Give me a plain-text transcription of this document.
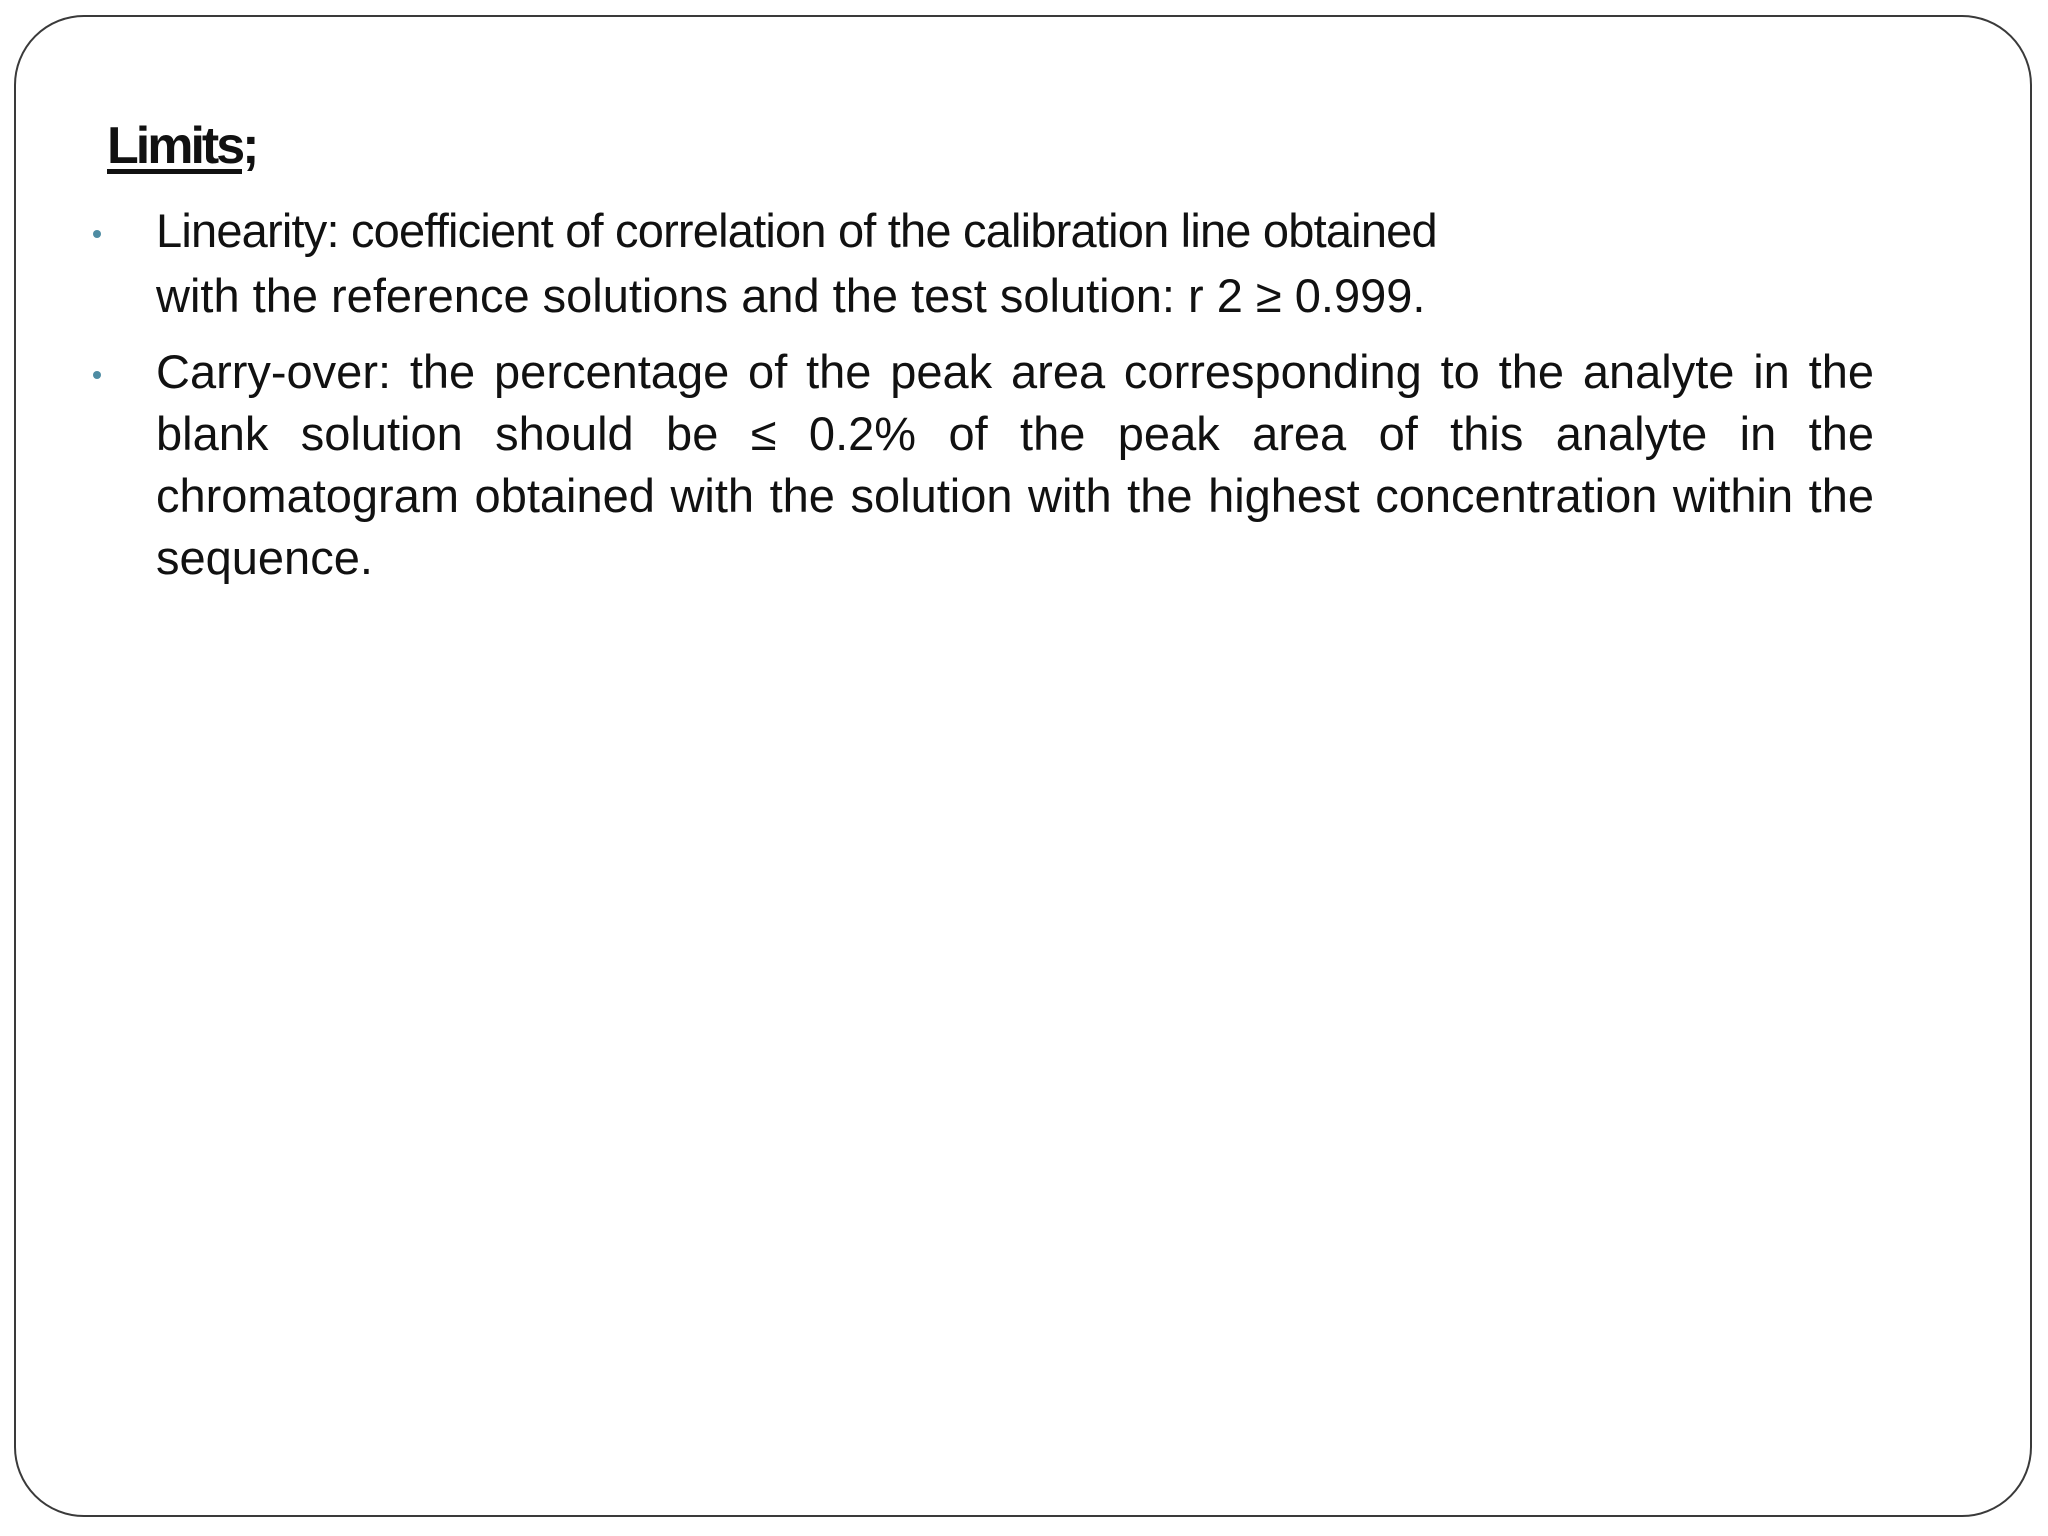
Limits;
Linearity: coefficient of correlation of the calibration line obtained
with the reference solutions and the test solution: r 2 ≥ 0.999.
Carry-over: the percentage of the peak area corresponding to the analyte in the blank solution should be ≤ 0.2% of the peak area of this analyte in the chromatogram obtained with the solution with the highest concentration within the sequence.
